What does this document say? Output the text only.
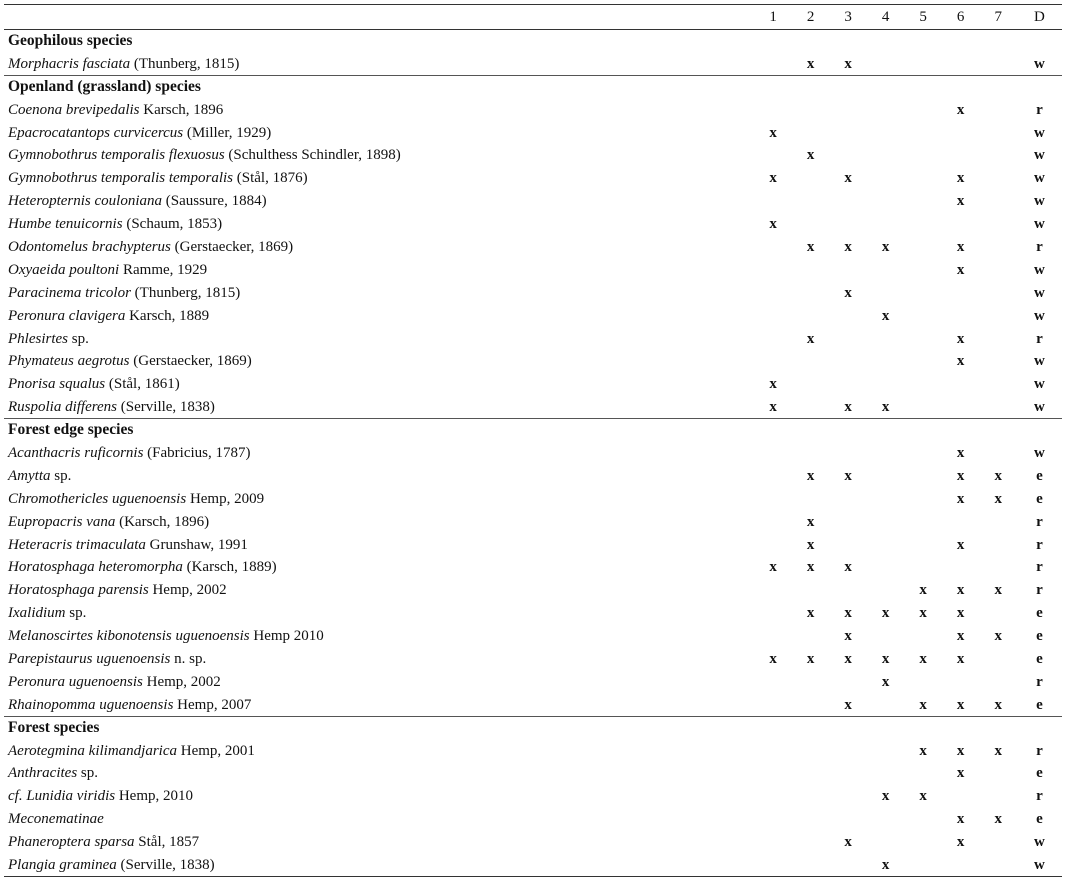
	1	2	3	4	5	6	7	D
Geophilous species								
Morphacris fasciata (Thunberg, 1815)		x	x					w
Openland (grassland) species								
Coenona brevipedalis Karsch, 1896						x		r
Epacrocatantops curvicercus (Miller, 1929)	x							w
Gymnobothrus temporalis flexuosus (Schulthess Schindler, 1898)		x						w
Gymnobothrus temporalis temporalis (Stål, 1876)	x		x			x		w
Heteropternis couloniana (Saussure, 1884)						x		w
Humbe tenuicornis (Schaum, 1853)	x							w
Odontomelus brachypterus (Gerstaecker, 1869)		x	x	x		x		r
Oxyaeida poultoni Ramme, 1929						x		w
Paracinema tricolor (Thunberg, 1815)			x					w
Peronura clavigera Karsch, 1889				x				w
Phlesirtes sp.		x				x		r
Phymateus aegrotus (Gerstaecker, 1869)						x		w
Pnorisa squalus (Stål, 1861)	x							w
Ruspolia differens (Serville, 1838)	x		x	x				w
Forest edge species								
Acanthacris ruficornis (Fabricius, 1787)						x		w
Amytta sp.		x	x			x	x	e
Chromothericles uguenoensis Hemp, 2009						x	x	e
Eupropacris vana (Karsch, 1896)		x						r
Heteracris trimaculata Grunshaw, 1991		x				x		r
Horatosphaga heteromorpha (Karsch, 1889)	x	x	x					r
Horatosphaga parensis Hemp, 2002					x	x	x	r
Ixalidium sp.		x	x	x	x	x		e
Melanoscirtes kibonotensis uguenoensis Hemp 2010			x			x	x	e
Parepistaurus uguenoensis n. sp.	x	x	x	x	x	x		e
Peronura uguenoensis Hemp, 2002				x				r
Rhainopomma uguenoensis Hemp, 2007			x		x	x	x	e
Forest species								
Aerotegmina kilimandjarica Hemp, 2001					x	x	x	r
Anthracites sp.						x		e
cf. Lunidia viridis Hemp, 2010				x	x			r
Meconematinae						x	x	e
Phaneroptera sparsa Stål, 1857			x			x		w
Plangia graminea (Serville, 1838)				x				w
